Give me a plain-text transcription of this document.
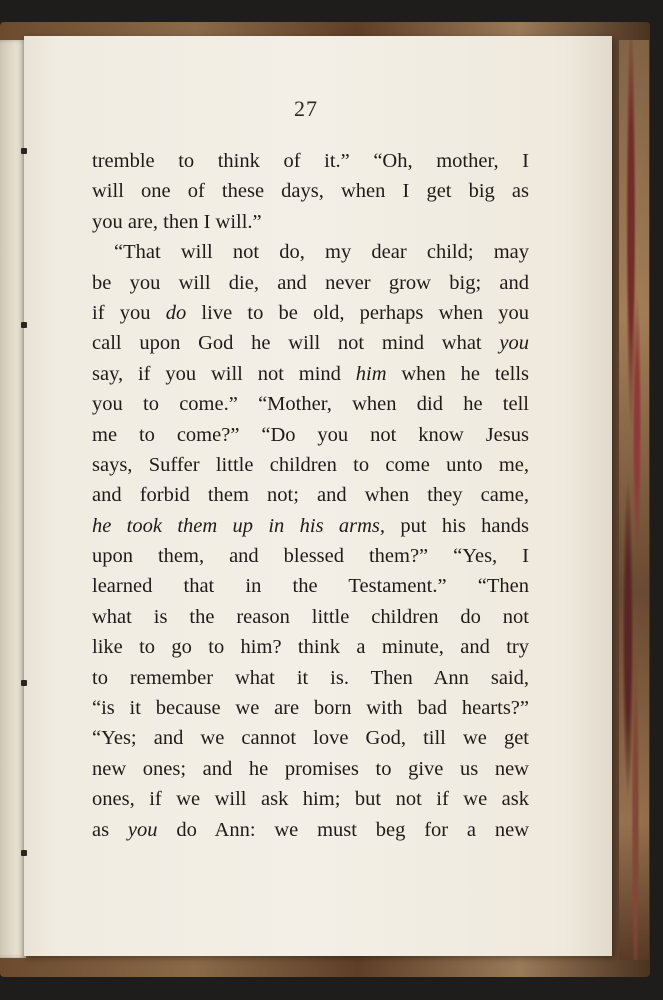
27
tremble to think of it.” “Oh, mother, I
will one of these days, when I get big as
you are, then I will.”
“That will not do, my dear child; may
be you will die, and never grow big; and
if you do live to be old, perhaps when you
call upon God he will not mind what you
say, if you will not mind him when he tells
you to come.” “Mother, when did he tell
me to come?” “Do you not know Jesus
says, Suffer little children to come unto me,
and forbid them not; and when they came,
he took them up in his arms, put his hands
upon them, and blessed them?” “Yes, I
learned that in the Testament.” “Then
what is the reason little children do not
like to go to him? think a minute, and try
to remember what it is. Then Ann said,
“is it because we are born with bad hearts?”
“Yes; and we cannot love God, till we get
new ones; and he promises to give us new
ones, if we will ask him; but not if we ask
as you do Ann: we must beg for a new
